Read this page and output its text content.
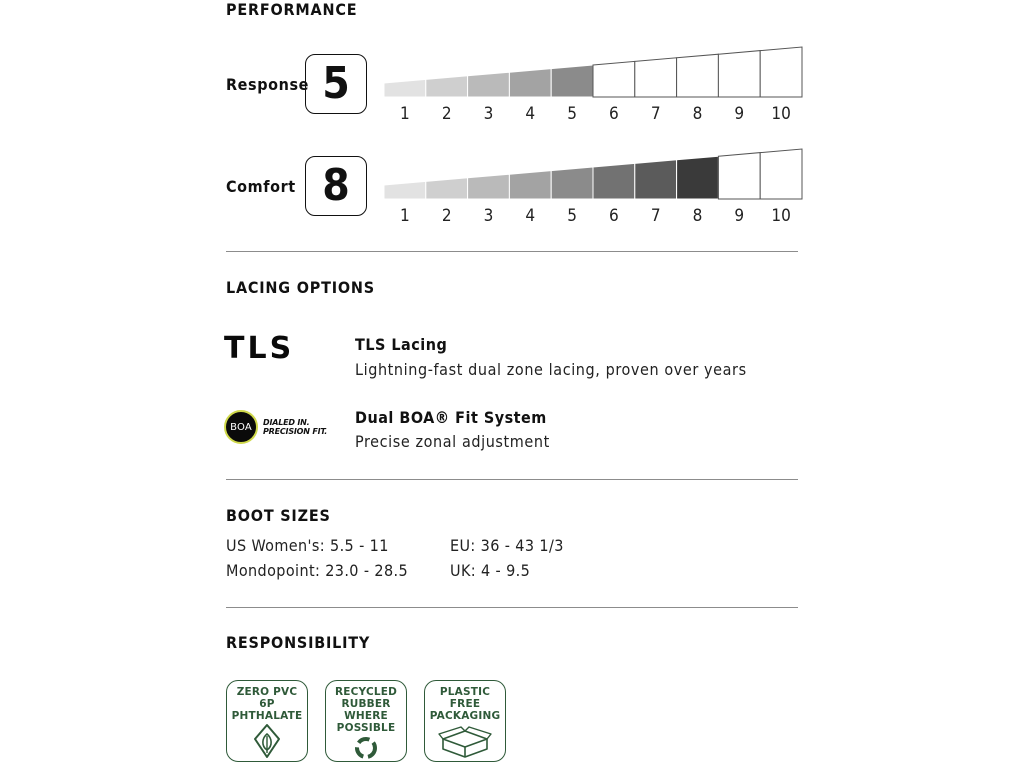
PERFORMANCE
Response 5
1 2 3 4 5 6 7 8 9 10
Comfort 8
1 2 3 4 5 6 7 8 9 10
LACING OPTIONS
TLS	TLS Lacing
Lightning-fast dual zone lacing, proven over years
BOA	DIALED IN.
PRECISION FIT.
Dual BOA® Fit System
Precise zonal adjustment
BOOT SIZES
US Women's: 5.5 - 11
Mondopoint: 23.0 - 28.5
EU: 36 - 43 1/3
UK: 4 - 9.5
RESPONSIBILITY
ZERO PVC
6P
PHTHALATE
RECYCLED
RUBBER
WHERE
POSSIBLE
PLASTIC
FREE
PACKAGING
